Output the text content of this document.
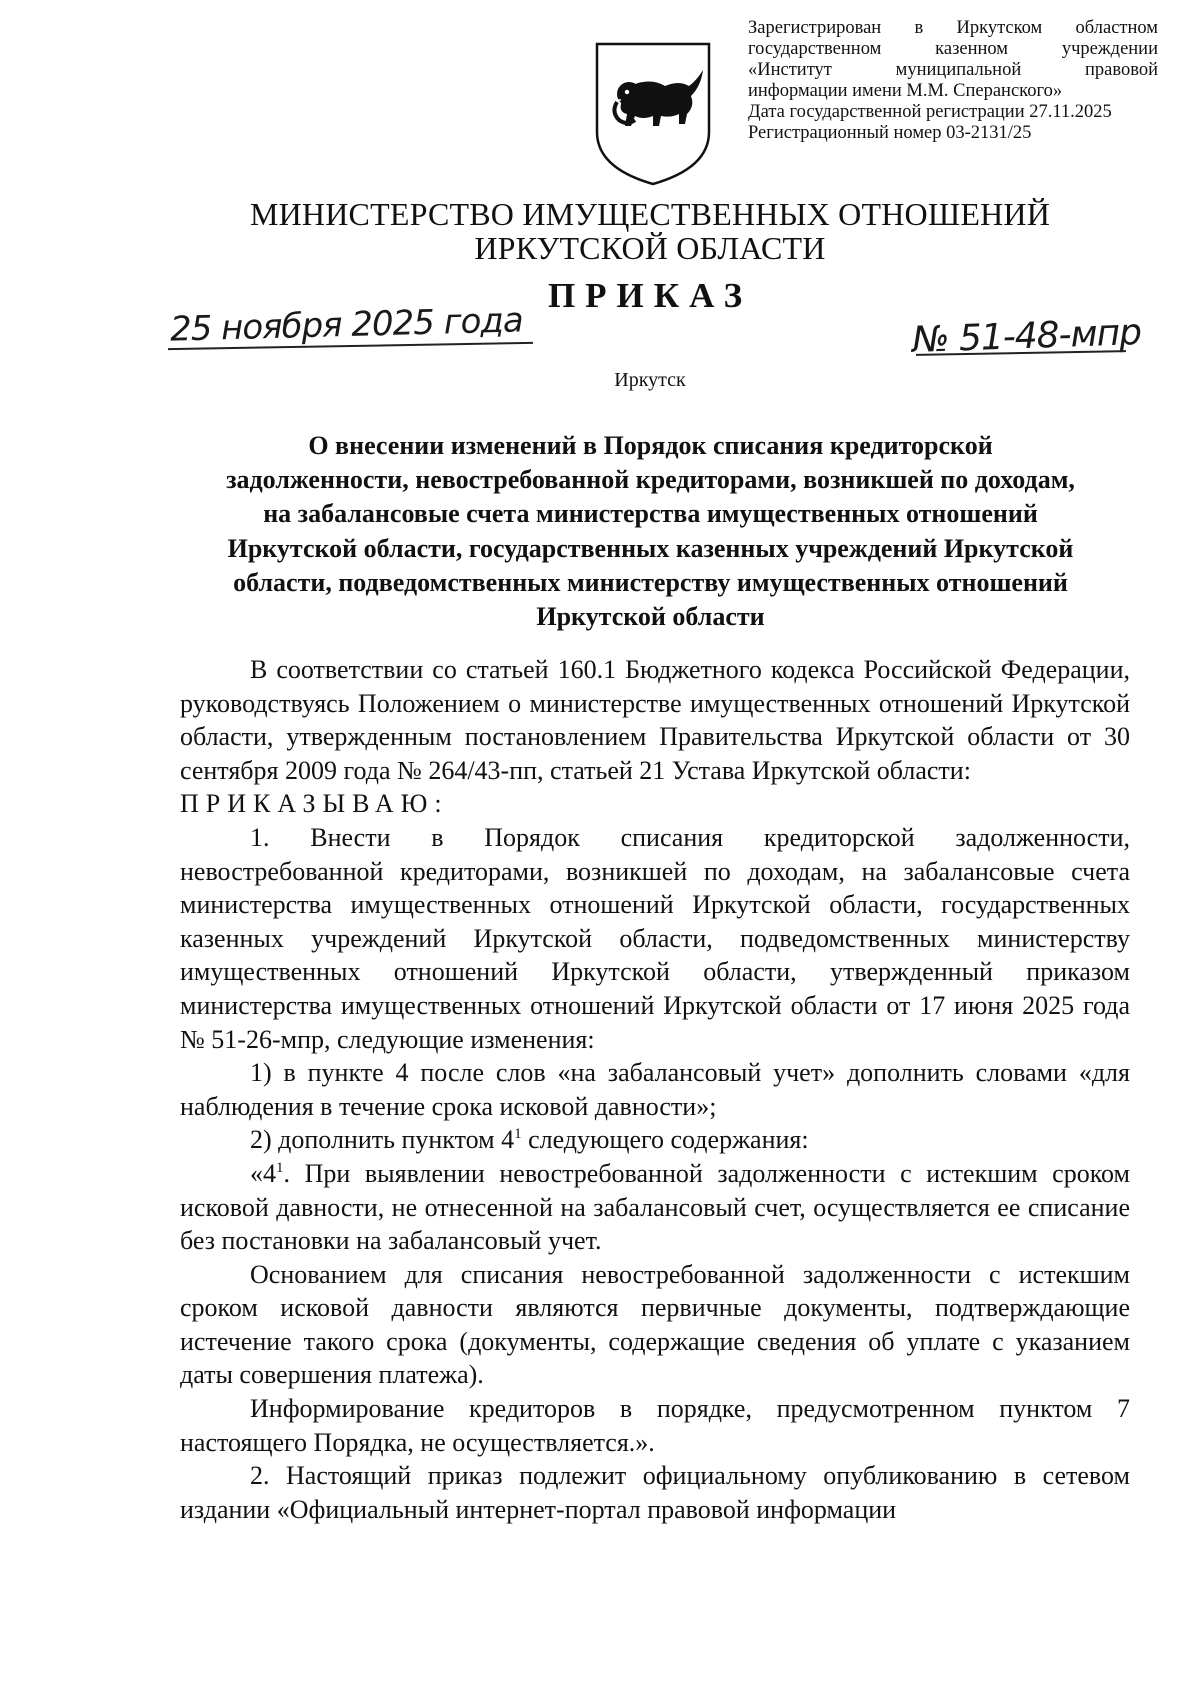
Зарегистрирован в Иркутском областном
государственном казенном учреждении
«Институт муниципальной правовой
информации имени М.М. Сперанского»
Дата государственной регистрации 27.11.2025
Регистрационный номер 03-2131/25
МИНИСТЕРСТВО ИМУЩЕСТВЕННЫХ ОТНОШЕНИЙ
ИРКУТСКОЙ ОБЛАСТИ
ПРИКАЗ
25 ноября 2025 года	№ 51-48-мпр
Иркутск
О внесении изменений в Порядок списания кредиторской
задолженности, невостребованной кредиторами, возникшей по доходам,
на забалансовые счета министерства имущественных отношений
Иркутской области, государственных казенных учреждений Иркутской
области, подведомственных министерству имущественных отношений
Иркутской области

В соответствии со статьей 160.1 Бюджетного кодекса Российской Федерации, руководствуясь Положением о министерстве имущественных отношений Иркутской области, утвержденным постановлением Правительства Иркутской области от 30 сентября 2009 года № 264/43-пп, статьей 21 Устава Иркутской области:

ПРИКАЗЫВАЮ:

1. Внести в Порядок списания кредиторской задолженности, невостребованной кредиторами, возникшей по доходам, на забалансовые счета министерства имущественных отношений Иркутской области, государственных казенных учреждений Иркутской области, подведомственных министерству имущественных отношений Иркутской области, утвержденный приказом министерства имущественных отношений Иркутской области от 17 июня 2025 года № 51-26-мпр, следующие изменения:

1) в пункте 4 после слов «на забалансовый учет» дополнить словами «для наблюдения в течение срока исковой давности»;

2) дополнить пунктом $4^1$ следующего содержания:

«$4^1$. При выявлении невостребованной задолженности с истекшим сроком исковой давности, не отнесенной на забалансовый счет, осуществляется ее списание без постановки на забалансовый учет.

Основанием для списания невостребованной задолженности с истекшим сроком исковой давности являются первичные документы, подтверждающие истечение такого срока (документы, содержащие сведения об уплате с указанием даты совершения платежа).

Информирование кредиторов в порядке, предусмотренном пунктом 7 настоящего Порядка, не осуществляется.».

2. Настоящий приказ подлежит официальному опубликованию в сетевом издании «Официальный интернет-портал правовой информации
